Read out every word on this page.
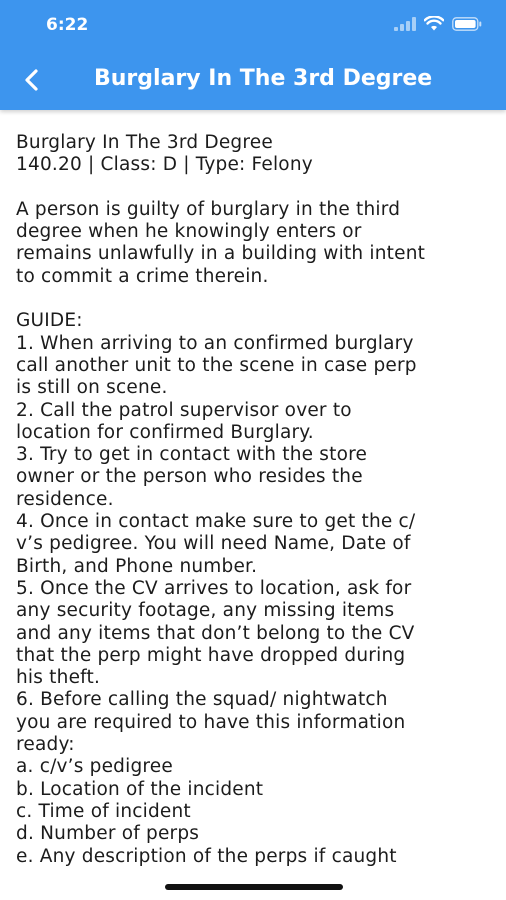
6:22
Burglary In The 3rd Degree
Burglary In The 3rd Degree
140.20 | Class: D | Type: Felony
A person is guilty of burglary in the third
degree when he knowingly enters or
remains unlawfully in a building with intent
to commit a crime therein.
GUIDE:
1. When arriving to an confirmed burglary
call another unit to the scene in case perp
is still on scene.
2. Call the patrol supervisor over to
location for confirmed Burglary.
3. Try to get in contact with the store
owner or the person who resides the
residence.
4. Once in contact make sure to get the c/
v’s pedigree. You will need Name, Date of
Birth, and Phone number.
5. Once the CV arrives to location, ask for
any security footage, any missing items
and any items that don’t belong to the CV
that the perp might have dropped during
his theft.
6. Before calling the squad/ nightwatch
you are required to have this information
ready:
a. c/v’s pedigree
b. Location of the incident
c. Time of incident
d. Number of perps
e. Any description of the perps if caught
